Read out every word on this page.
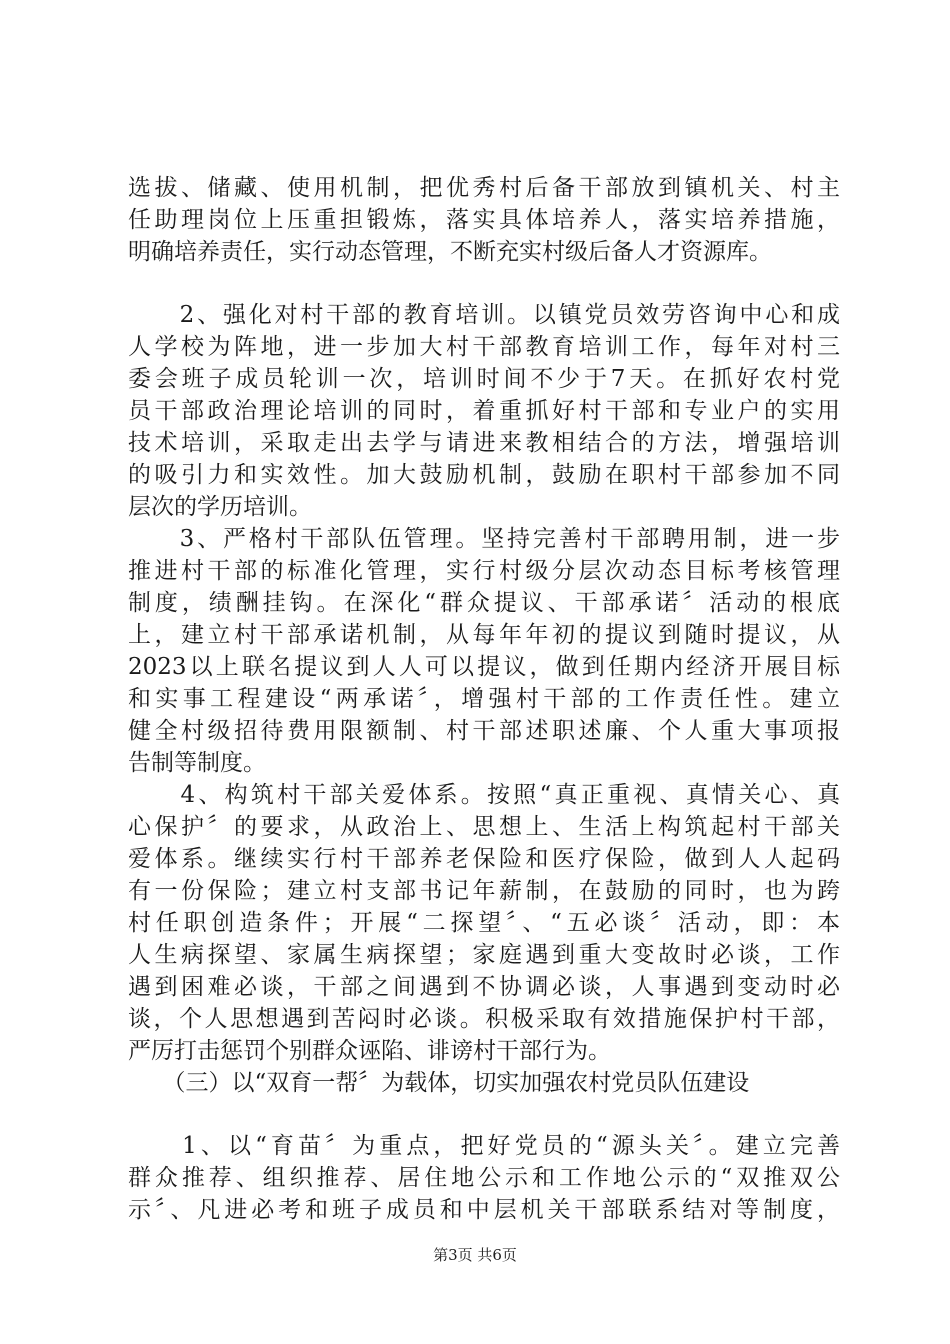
选拔、储藏、使用机制，把优秀村后备干部放到镇机关、村主
任助理岗位上压重担锻炼，落实具体培养人，落实培养措施，
明确培养责任，实行动态管理，不断充实村级后备人才资源库。
　　2、强化对村干部的教育培训。以镇党员效劳咨询中心和成
人学校为阵地，进一步加大村干部教育培训工作，每年对村三
委会班子成员轮训一次，培训时间不少于7天。在抓好农村党
员干部政治理论培训的同时，着重抓好村干部和专业户的实用
技术培训，采取走出去学与请进来教相结合的方法，增强培训
的吸引力和实效性。加大鼓励机制，鼓励在职村干部参加不同
层次的学历培训。
　　3、严格村干部队伍管理。坚持完善村干部聘用制，进一步
推进村干部的标准化管理，实行村级分层次动态目标考核管理
制度，绩酬挂钩。在深化“群众提议、干部承诺〞活动的根底
上，建立村干部承诺机制，从每年年初的提议到随时提议，从
2023以上联名提议到人人可以提议，做到任期内经济开展目标
和实事工程建设“两承诺〞，增强村干部的工作责任性。建立
健全村级招待费用限额制、村干部述职述廉、个人重大事项报
告制等制度。
　　4、构筑村干部关爱体系。按照“真正重视、真情关心、真
心保护〞的要求，从政治上、思想上、生活上构筑起村干部关
爱体系。继续实行村干部养老保险和医疗保险，做到人人起码
有一份保险；建立村支部书记年薪制，在鼓励的同时，也为跨
村任职创造条件；开展“二探望〞、“五必谈〞活动，即：本
人生病探望、家属生病探望；家庭遇到重大变故时必谈，工作
遇到困难必谈，干部之间遇到不协调必谈，人事遇到变动时必
谈，个人思想遇到苦闷时必谈。积极采取有效措施保护村干部，
严厉打击惩罚个别群众诬陷、诽谤村干部行为。
　　（三）以“双育一帮〞为载体，切实加强农村党员队伍建设
　　1、以“育苗〞为重点，把好党员的“源头关〞。建立完善
群众推荐、组织推荐、居住地公示和工作地公示的“双推双公
示〞、凡进必考和班子成员和中层机关干部联系结对等制度，
第3页 共6页
